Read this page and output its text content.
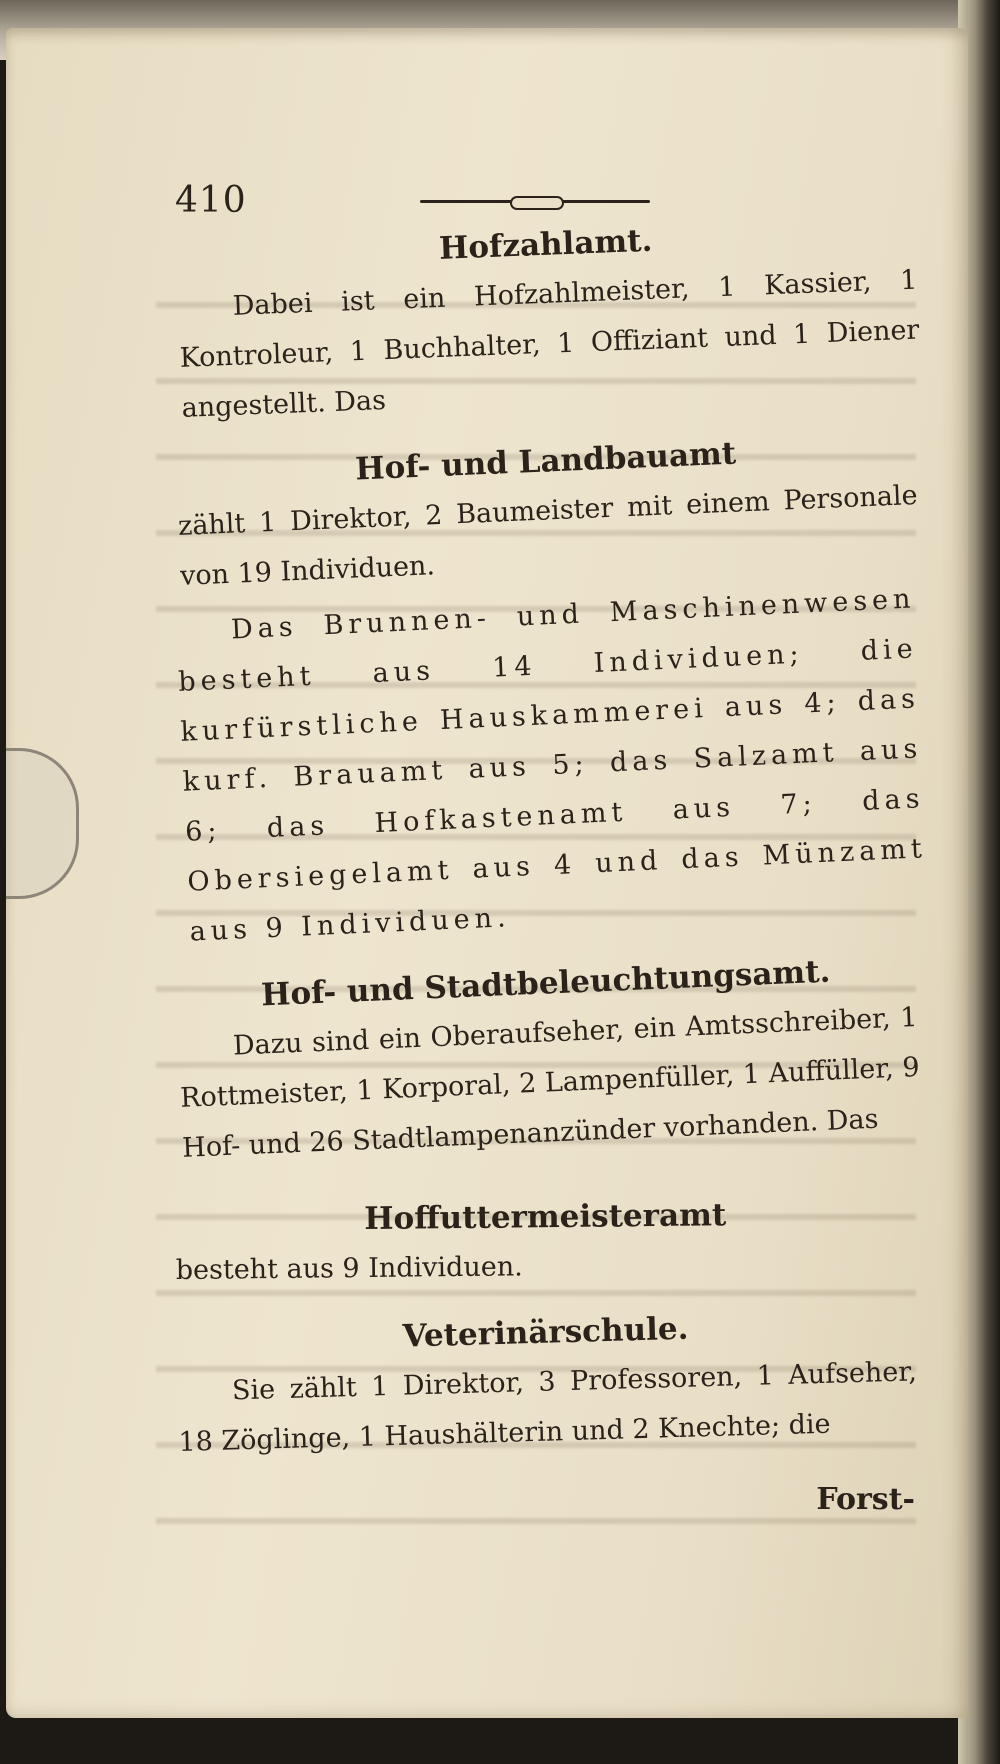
410
Hofzahlamt.

Dabei ist ein Hofzahlmeister, 1 Kassier, 1 Kontroleur, 1 Buchhalter, 1 Offiziant und 1 Diener angestellt. Das

Hof- und Landbauamt

zählt 1 Direktor, 2 Baumeister mit einem Personale von 19 Individuen.

Das Brunnen- und Maschinenwesen besteht aus 14 Individuen; die kurfürstliche Hauskammerei aus 4; das kurf. Brauamt aus 5; das Salzamt aus 6; das Hofkastenamt aus 7; das Obersiegelamt aus 4 und das Münzamt aus 9 Individuen.

Hof- und Stadtbeleuchtungsamt.

Dazu sind ein Oberaufseher, ein Amtsschreiber, 1 Rottmeister, 1 Korporal, 2 Lampenfüller, 1 Auffüller, 9 Hof- und 26 Stadtlampenanzünder vorhanden. Das

Hoffuttermeisteramt

besteht aus 9 Individuen.

Veterinärschule.

Sie zählt 1 Direktor, 3 Professoren, 1 Aufseher, 18 Zöglinge, 1 Haushälterin und 2 Knechte; die

Forst-
